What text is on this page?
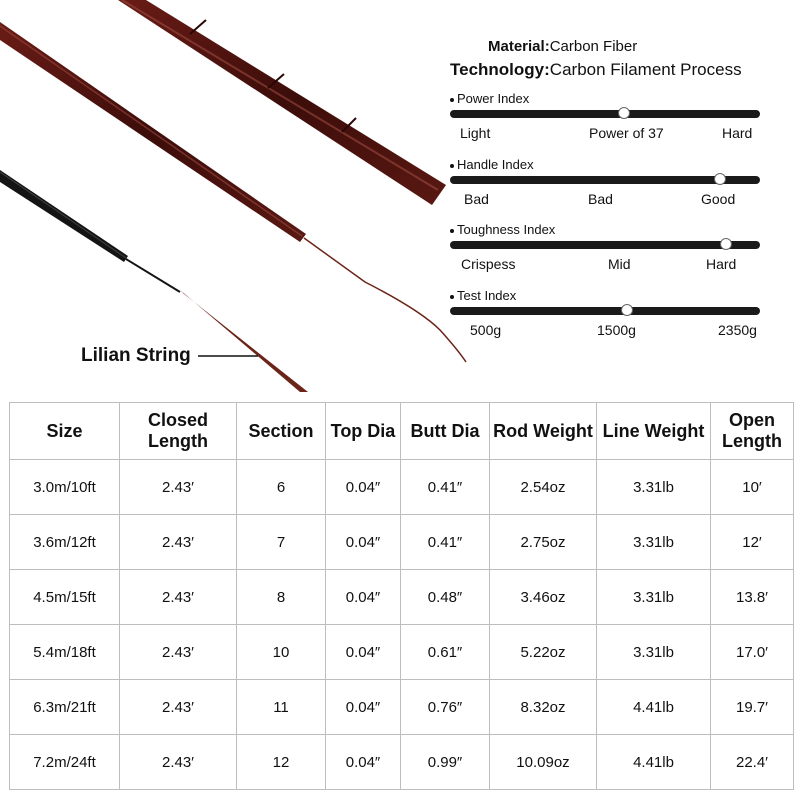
Lilian String
Material:Carbon Fiber
Technology:Carbon Filament Process
Power Index
Light	Power of 37	Hard
Handle Index
Bad	Bad	Good
Toughness Index
Crispess	Mid	Hard
Test Index
500g	1500g	2350g
Size	Closed Length	Section	Top Dia	Butt Dia	Rod Weight	Line Weight	Open Length
3.0m/10ft	2.43′	6	0.04″	0.41″	2.54oz	3.31lb	10′
3.6m/12ft	2.43′	7	0.04″	0.41″	2.75oz	3.31lb	12′
4.5m/15ft	2.43′	8	0.04″	0.48″	3.46oz	3.31lb	13.8′
5.4m/18ft	2.43′	10	0.04″	0.61″	5.22oz	3.31lb	17.0′
6.3m/21ft	2.43′	11	0.04″	0.76″	8.32oz	4.41lb	19.7′
7.2m/24ft	2.43′	12	0.04″	0.99″	10.09oz	4.41lb	22.4′
